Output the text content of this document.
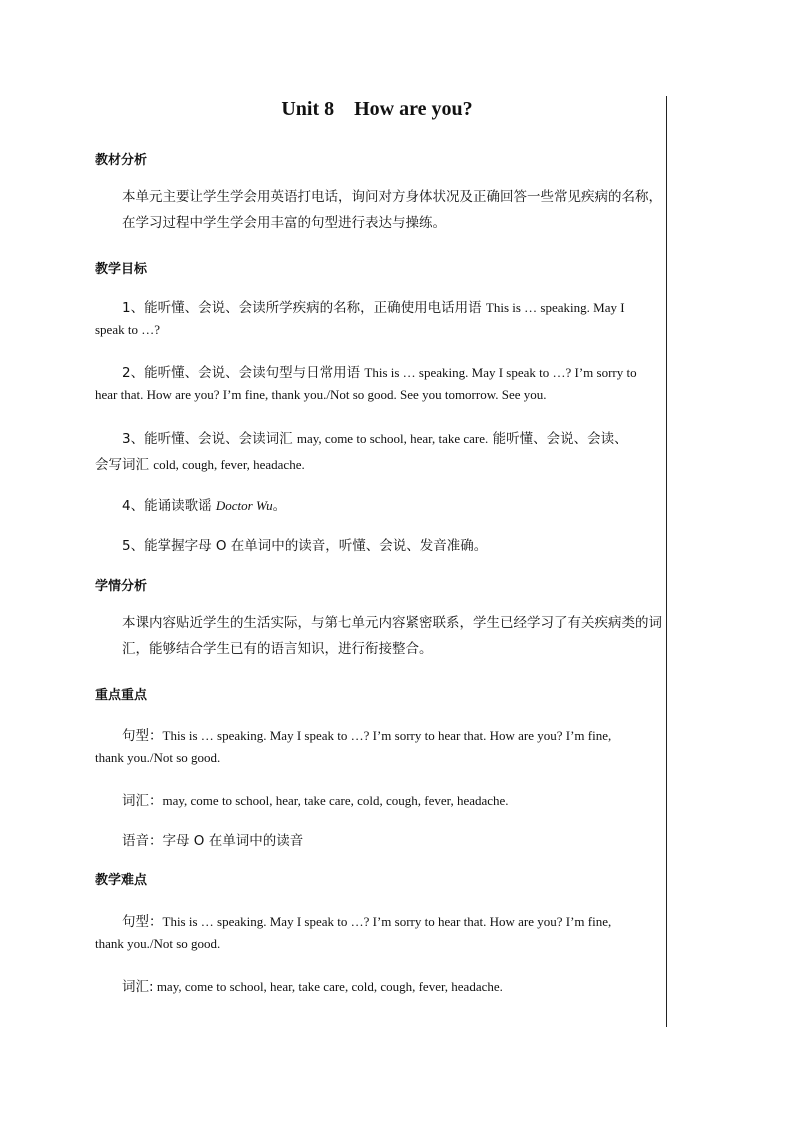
Unit 8    How are you?
教材分析
本单元主要让学生学会用英语打电话，询问对方身体状况及正确回答一些常见疾病的名称，在学习过程中学生学会用丰富的句型进行表达与操练。
教学目标
1、能听懂、会说、会读所学疾病的名称，正确使用电话用语 This is … speaking. May I
speak to …?
2、能听懂、会说、会读句型与日常用语 This is … speaking. May I speak to …? I’m sorry to
hear that. How are you? I’m fine, thank you./Not so good. See you tomorrow. See you.
3、能听懂、会说、会读词汇 may, come to school, hear, take care. 能听懂、会说、会读、
会写词汇 cold, cough, fever, headache.
4、能诵读歌谣 Doctor Wu。
5、能掌握字母 O 在单词中的读音，听懂、会说、发音准确。
学情分析
本课内容贴近学生的生活实际，与第七单元内容紧密联系，学生已经学习了有关疾病类的词汇，能够结合学生已有的语言知识，进行衔接整合。
重点重点
句型：This is … speaking. May I speak to …? I’m sorry to hear that. How are you? I’m fine,
thank you./Not so good.
词汇：may, come to school, hear, take care, cold, cough, fever, headache.
语音：字母 O 在单词中的读音
教学难点
句型：This is … speaking. May I speak to …? I’m sorry to hear that. How are you? I’m fine,
thank you./Not so good.
词汇: may, come to school, hear, take care, cold, cough, fever, headache.
